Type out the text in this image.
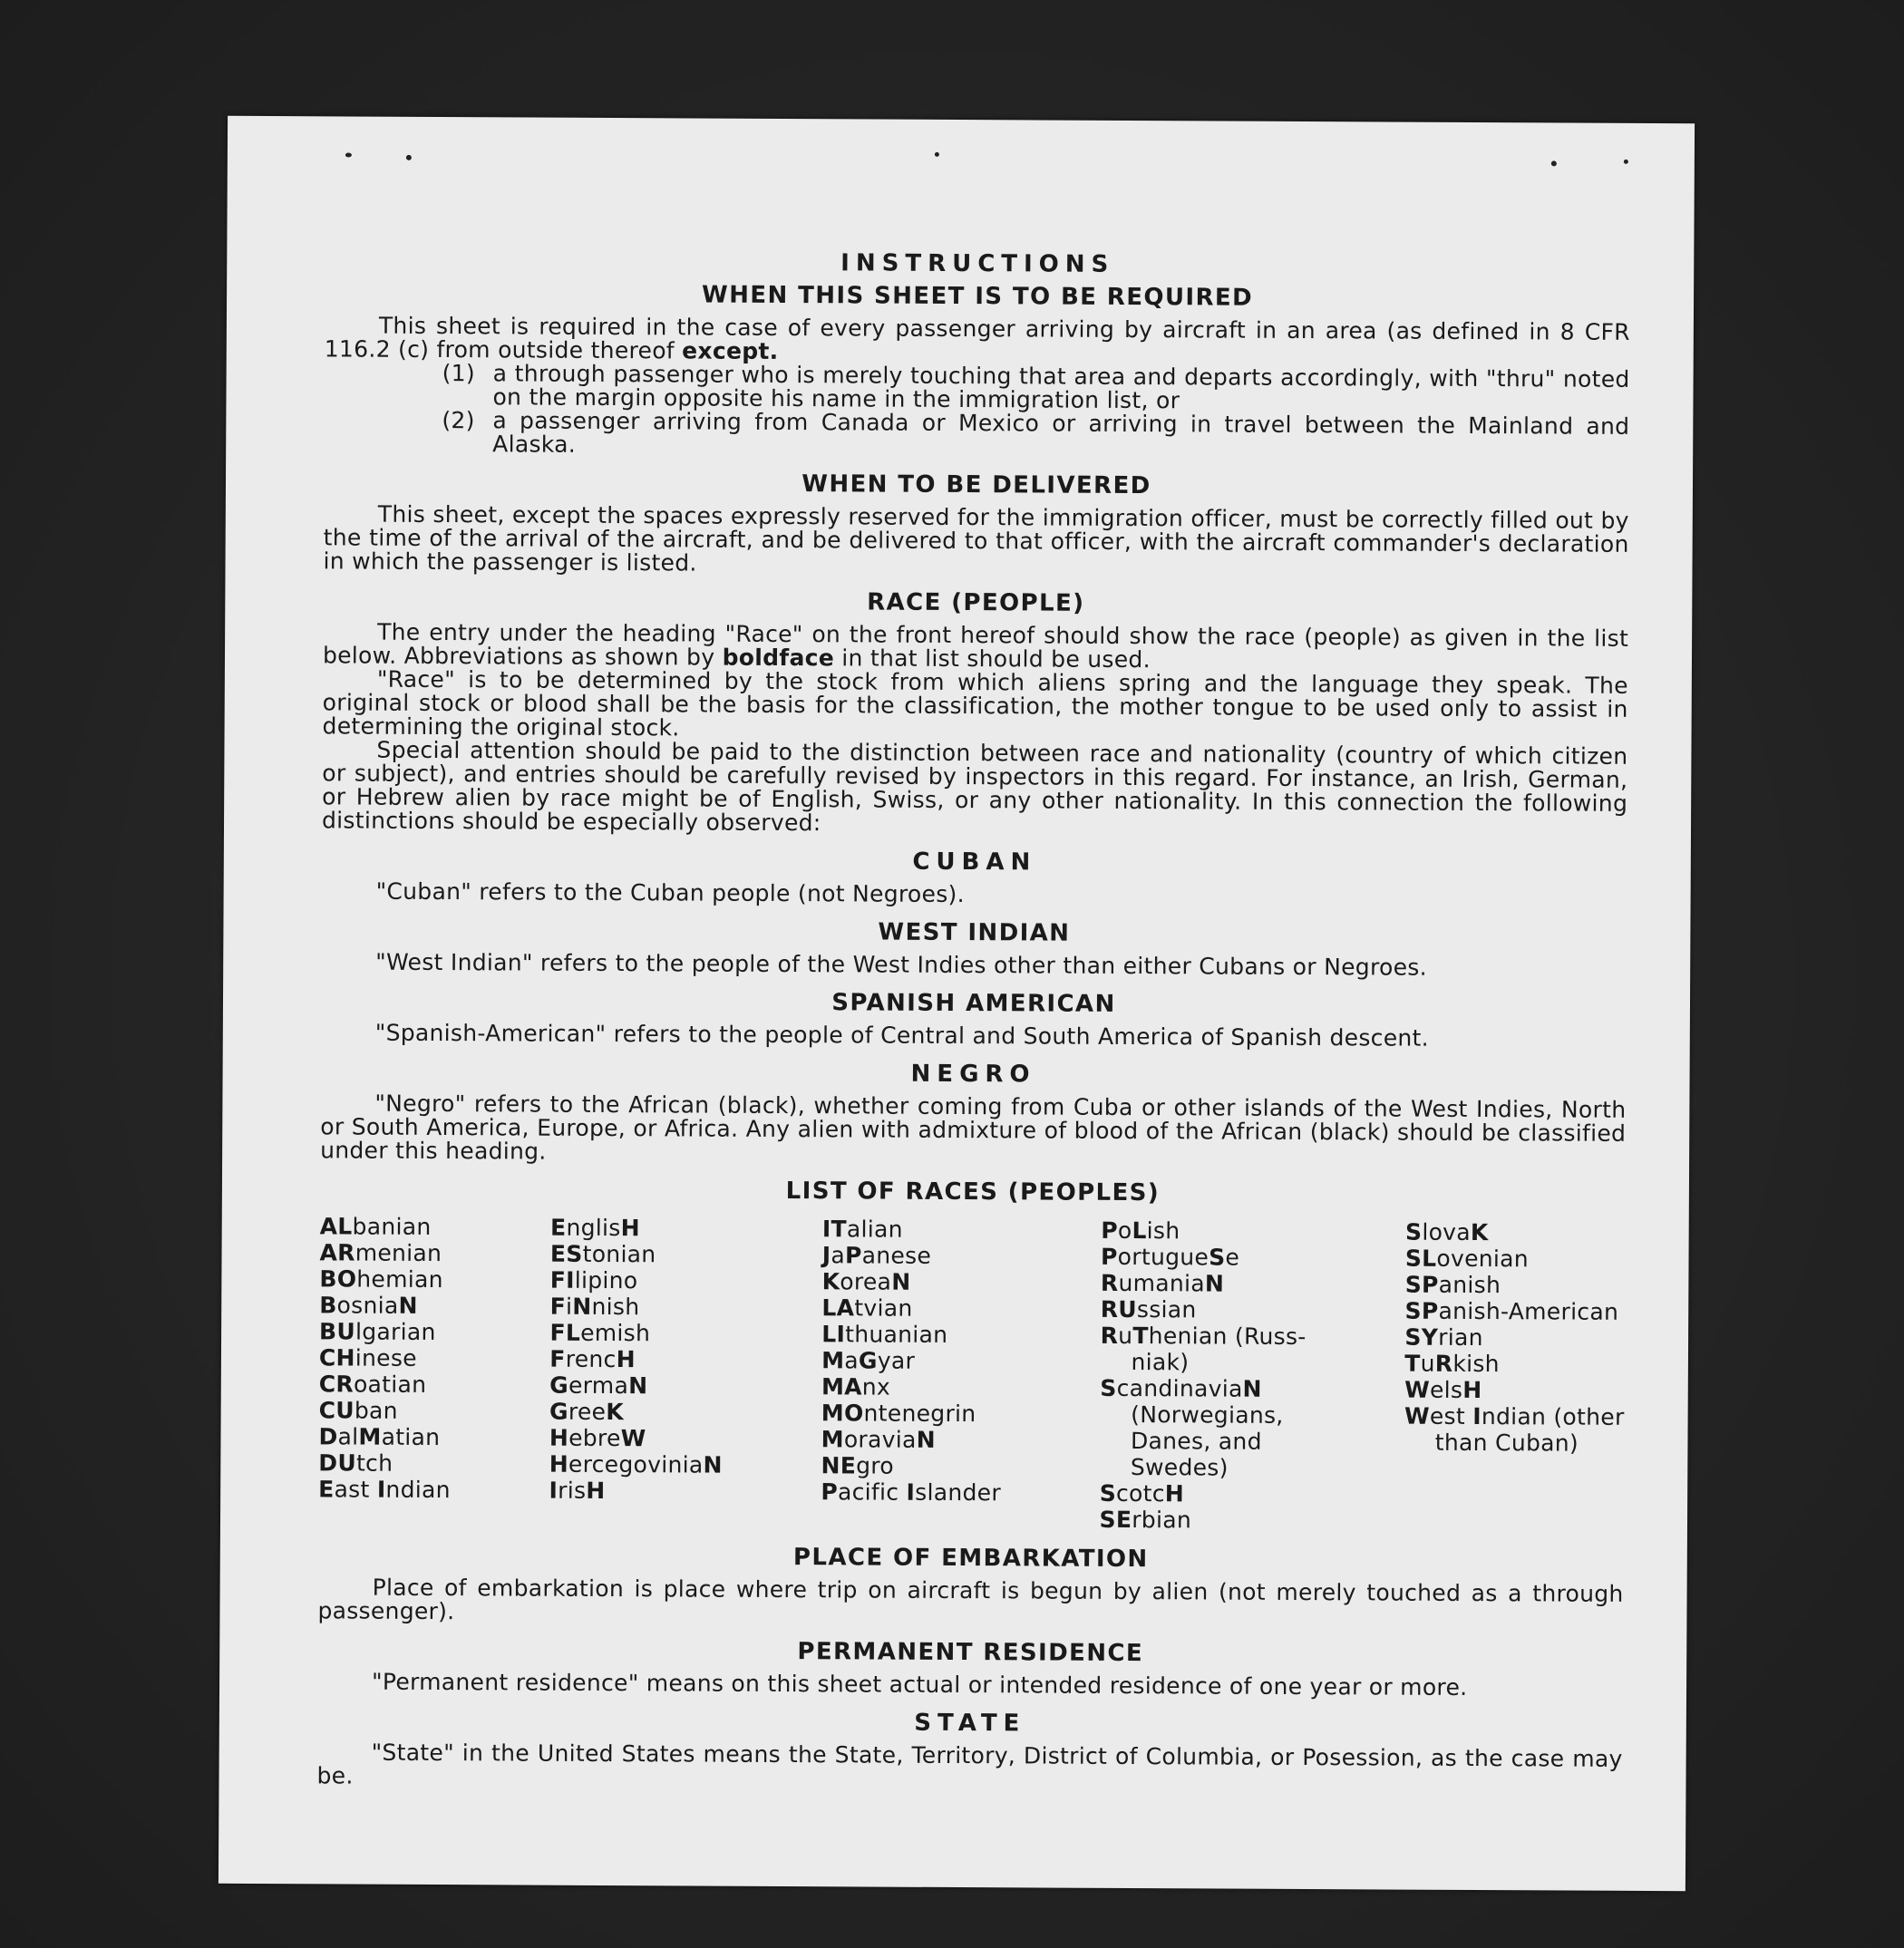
INSTRUCTIONS

WHEN THIS SHEET IS TO BE REQUIRED

This sheet is required in the case of every passenger arriving by aircraft in an area (as defined in 8 CFR 116.2 (c) from outside thereof except.

(1) a through passenger who is merely touching that area and departs accordingly, with "thru" noted on the margin opposite his name in the immigration list, or
(2) a passenger arriving from Canada or Mexico or arriving in travel between the Mainland and Alaska.

WHEN TO BE DELIVERED

This sheet, except the spaces expressly reserved for the immigration officer, must be correctly filled out by the time of the arrival of the aircraft, and be delivered to that officer, with the aircraft commander's declaration in which the passenger is listed.

RACE (PEOPLE)

The entry under the heading "Race" on the front hereof should show the race (people) as given in the list below. Abbreviations as shown by boldface in that list should be used.

"Race" is to be determined by the stock from which aliens spring and the language they speak. The original stock or blood shall be the basis for the classification, the mother tongue to be used only to assist in determining the original stock.

Special attention should be paid to the distinction between race and nationality (country of which citizen or subject), and entries should be carefully revised by inspectors in this regard. For instance, an Irish, German, or Hebrew alien by race might be of English, Swiss, or any other nationality. In this connection the following distinctions should be especially observed:

CUBAN

"Cuban" refers to the Cuban people (not Negroes).

WEST INDIAN

"West Indian" refers to the people of the West Indies other than either Cubans or Negroes.

SPANISH AMERICAN

"Spanish-American" refers to the people of Central and South America of Spanish descent.

NEGRO

"Negro" refers to the African (black), whether coming from Cuba or other islands of the West Indies, North or South America, Europe, or Africa. Any alien with admixture of blood of the African (black) should be classified under this heading.

LIST OF RACES (PEOPLES)

ALbanian
ARmenian
BOhemian
BosniaN
BUlgarian
CHinese
CRoatian
CUban
DalMatian
DUtch
East Indian
EnglisH
EStonian
FIlipino
FiNnish
FLemish
FrencH
GermaN
GreeK
HebreW
HercegoviniaN
IrisH
ITalian
JaPanese
KoreaN
LAtvian
LIthuanian
MaGyar
MAnx
MOntenegrin
MoraviaN
NEgro
Pacific Islander
PoLish
PortugueSe
RumaniaN
RUssian
RuThenian (Russ-
niak)
ScandinaviaN
(Norwegians,
Danes, and
Swedes)
ScotcH
SErbian
SlovaK
SLovenian
SPanish
SPanish-American
SYrian
TuRkish
WelsH
West Indian (other
than Cuban)

PLACE OF EMBARKATION

Place of embarkation is place where trip on aircraft is begun by alien (not merely touched as a through passenger).

PERMANENT RESIDENCE

"Permanent residence" means on this sheet actual or intended residence of one year or more.

STATE

"State" in the United States means the State, Territory, District of Columbia, or Posession, as the case may be.
